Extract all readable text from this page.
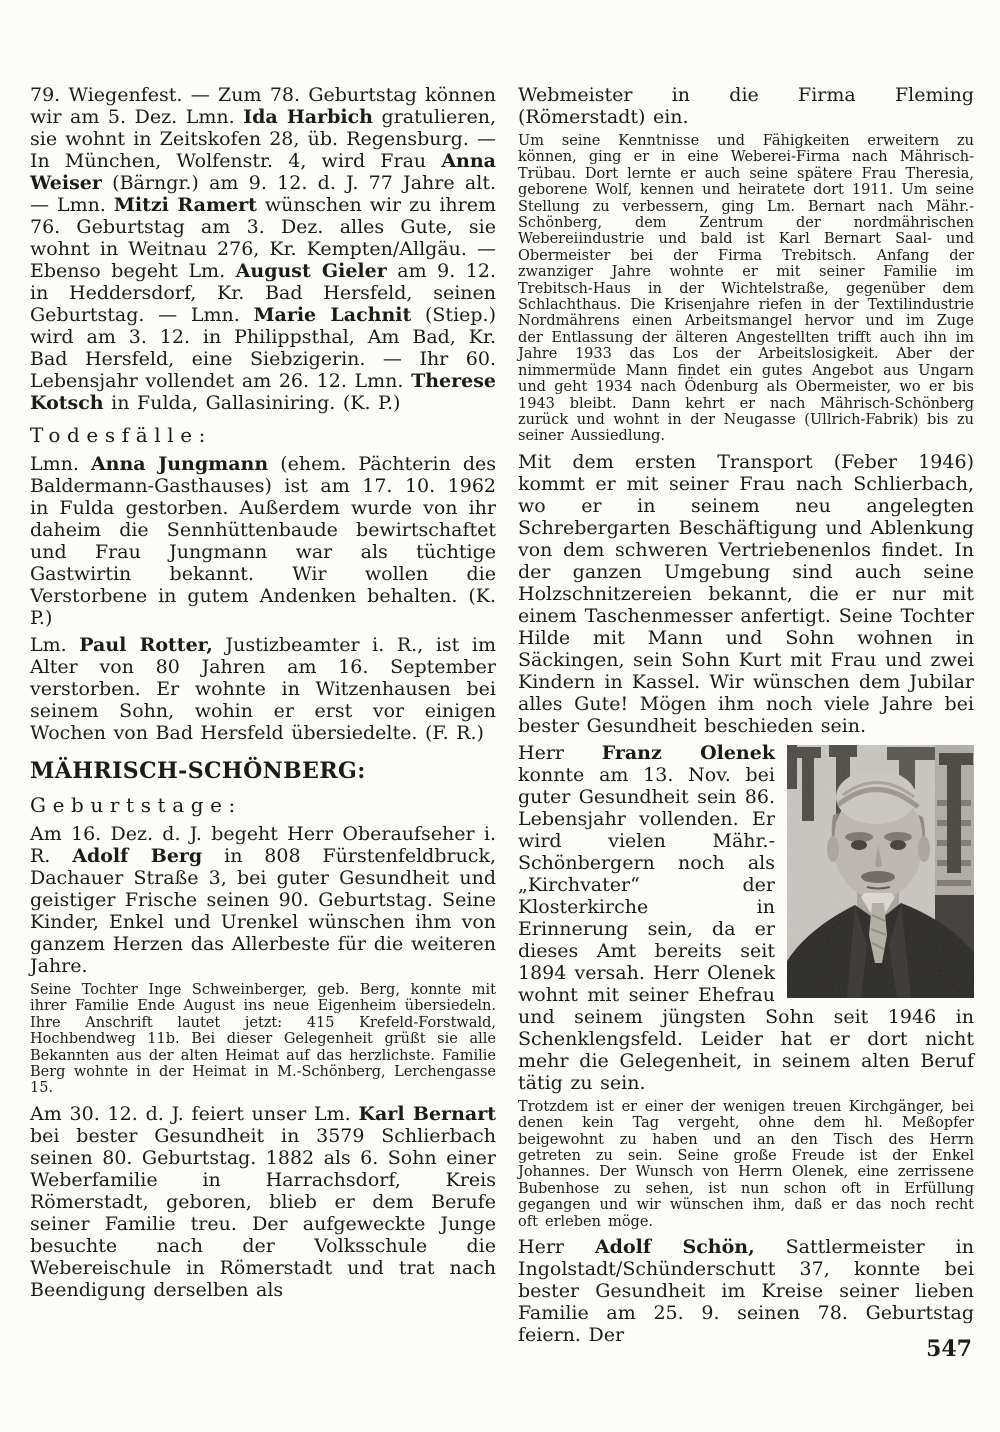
79. Wiegenfest. — Zum 78. Geburtstag können wir am 5. Dez. Lmn. Ida Harbich gratulieren, sie wohnt in Zeitskofen 28, üb. Regensburg. — In München, Wolfenstr. 4, wird Frau Anna Weiser (Bärngr.) am 9. 12. d. J. 77 Jahre alt. — Lmn. Mitzi Ramert wünschen wir zu ihrem 76. Geburtstag am 3. Dez. alles Gute, sie wohnt in Weitnau 276, Kr. Kempten/Allgäu. — Ebenso begeht Lm. August Gieler am 9. 12. in Heddersdorf, Kr. Bad Hersfeld, seinen Geburtstag. — Lmn. Marie Lachnit (Stiep.) wird am 3. 12. in Philippsthal, Am Bad, Kr. Bad Hersfeld, eine Siebzigerin. — Ihr 60. Lebensjahr vollendet am 26. 12. Lmn. Therese Kotsch in Fulda, Gallasiniring. (K. P.)

Todesfälle:

Lmn. Anna Jungmann (ehem. Pächterin des Baldermann-Gasthauses) ist am 17. 10. 1962 in Fulda gestorben. Außerdem wurde von ihr daheim die Sennhüttenbaude bewirtschaftet und Frau Jungmann war als tüchtige Gastwirtin bekannt. Wir wollen die Verstorbene in gutem Andenken behalten. (K. P.)

Lm. Paul Rotter, Justizbeamter i. R., ist im Alter von 80 Jahren am 16. September verstorben. Er wohnte in Witzenhausen bei seinem Sohn, wohin er erst vor einigen Wochen von Bad Hersfeld übersiedelte. (F. R.)

MÄHRISCH-SCHÖNBERG:

Geburtstage:

Am 16. Dez. d. J. begeht Herr Oberaufseher i. R. Adolf Berg in 808 Fürstenfeldbruck, Dachauer Straße 3, bei guter Gesundheit und geistiger Frische seinen 90. Geburtstag. Seine Kinder, Enkel und Urenkel wünschen ihm von ganzem Herzen das Allerbeste für die weiteren Jahre.

Seine Tochter Inge Schweinberger, geb. Berg, konnte mit ihrer Familie Ende August ins neue Eigenheim übersiedeln. Ihre Anschrift lautet jetzt: 415 Krefeld-Forstwald, Hochbendweg 11b. Bei dieser Gelegenheit grüßt sie alle Bekannten aus der alten Heimat auf das herzlichste. Familie Berg wohnte in der Heimat in M.-Schönberg, Lerchengasse 15.

Am 30. 12. d. J. feiert unser Lm. Karl Bernart bei bester Gesundheit in 3579 Schlierbach seinen 80. Geburtstag. 1882 als 6. Sohn einer Weberfamilie in Harrachsdorf, Kreis Römerstadt, geboren, blieb er dem Berufe seiner Familie treu. Der aufgeweckte Junge besuchte nach der Volksschule die Webereischule in Römerstadt und trat nach Beendigung derselben als

Webmeister in die Firma Fleming (Römerstadt) ein.

Um seine Kenntnisse und Fähigkeiten erweitern zu können, ging er in eine Weberei-Firma nach Mährisch-Trübau. Dort lernte er auch seine spätere Frau Theresia, geborene Wolf, kennen und heiratete dort 1911. Um seine Stellung zu verbessern, ging Lm. Bernart nach Mähr.-Schönberg, dem Zentrum der nordmährischen Webereiindustrie und bald ist Karl Bernart Saal- und Obermeister bei der Firma Trebitsch. Anfang der zwanziger Jahre wohnte er mit seiner Familie im Trebitsch-Haus in der Wichtelstraße, gegenüber dem Schlachthaus. Die Krisenjahre riefen in der Textilindustrie Nordmährens einen Arbeitsmangel hervor und im Zuge der Entlassung der älteren Angestellten trifft auch ihn im Jahre 1933 das Los der Arbeitslosigkeit. Aber der nimmermüde Mann findet ein gutes Angebot aus Ungarn und geht 1934 nach Ödenburg als Obermeister, wo er bis 1943 bleibt. Dann kehrt er nach Mährisch-Schönberg zurück und wohnt in der Neugasse (Ullrich-Fabrik) bis zu seiner Aussiedlung.

Mit dem ersten Transport (Feber 1946) kommt er mit seiner Frau nach Schlierbach, wo er in seinem neu angelegten Schrebergarten Beschäftigung und Ablenkung von dem schweren Vertriebenenlos findet. In der ganzen Umgebung sind auch seine Holzschnitzereien bekannt, die er nur mit einem Taschenmesser anfertigt. Seine Tochter Hilde mit Mann und Sohn wohnen in Säckingen, sein Sohn Kurt mit Frau und zwei Kindern in Kassel. Wir wünschen dem Jubilar alles Gute! Mögen ihm noch viele Jahre bei bester Gesundheit beschieden sein.

Herr Franz Olenek konnte am 13. Nov. bei guter Gesundheit sein 86. Lebensjahr vollenden. Er wird vielen Mähr.-Schönbergern noch als „Kirchvater“ der Klosterkirche in Erinnerung sein, da er dieses Amt bereits seit 1894 versah. Herr Olenek wohnt mit seiner Ehefrau und seinem jüngsten Sohn seit 1946 in Schenklengsfeld. Leider hat er dort nicht mehr die Gelegenheit, in seinem alten Beruf tätig zu sein.

Trotzdem ist er einer der wenigen treuen Kirchgänger, bei denen kein Tag vergeht, ohne dem hl. Meßopfer beigewohnt zu haben und an den Tisch des Herrn getreten zu sein. Seine große Freude ist der Enkel Johannes. Der Wunsch von Herrn Olenek, eine zerrissene Bubenhose zu sehen, ist nun schon oft in Erfüllung gegangen und wir wünschen ihm, daß er das noch recht oft erleben möge.

Herr Adolf Schön, Sattlermeister in Ingolstadt/Schünderschutt 37, konnte bei bester Gesundheit im Kreise seiner lieben Familie am 25. 9. seinen 78. Geburtstag feiern. Der

547
